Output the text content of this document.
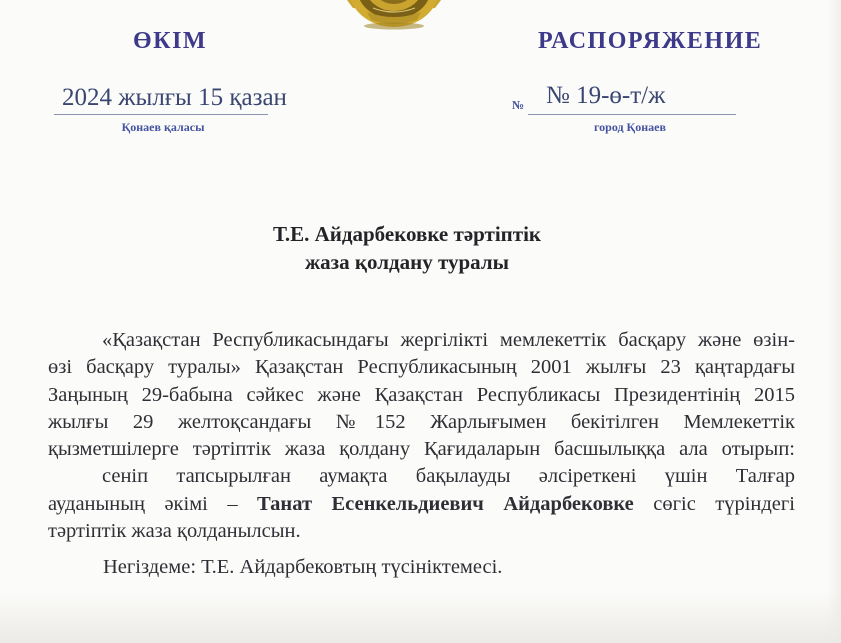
ӨКІМ	РАСПОРЯЖЕНИЕ
2024 жылғы 15 қазан
Қонаев қаласы
№ № 19-ө-т/ж
город Қонаев
Т.Е. Айдарбековке тәртіптік
жаза қолдану туралы
«Қазақстан Республикасындағы жергілікті мемлекеттік басқару және өзін-
өзі басқару туралы» Қазақстан Республикасының 2001 жылғы 23 қаңтардағы
Заңының 29-бабына сәйкес және Қазақстан Республикасы Президентінің 2015
жылғы 29 желтоқсандағы №152 Жарлығымен бекітілген Мемлекеттік
қызметшілерге тәртіптік жаза қолдану Қағидаларын басшылыққа ала отырып:
сеніп тапсырылған аумақта бақылауды әлсіреткені үшін Талғар
ауданының әкімі – Танат Есенкельдиевич Айдарбековке сөгіс түріндегі
тәртіптік жаза қолданылсын.
Негіздеме: Т.Е. Айдарбековтың түсініктемесі.
